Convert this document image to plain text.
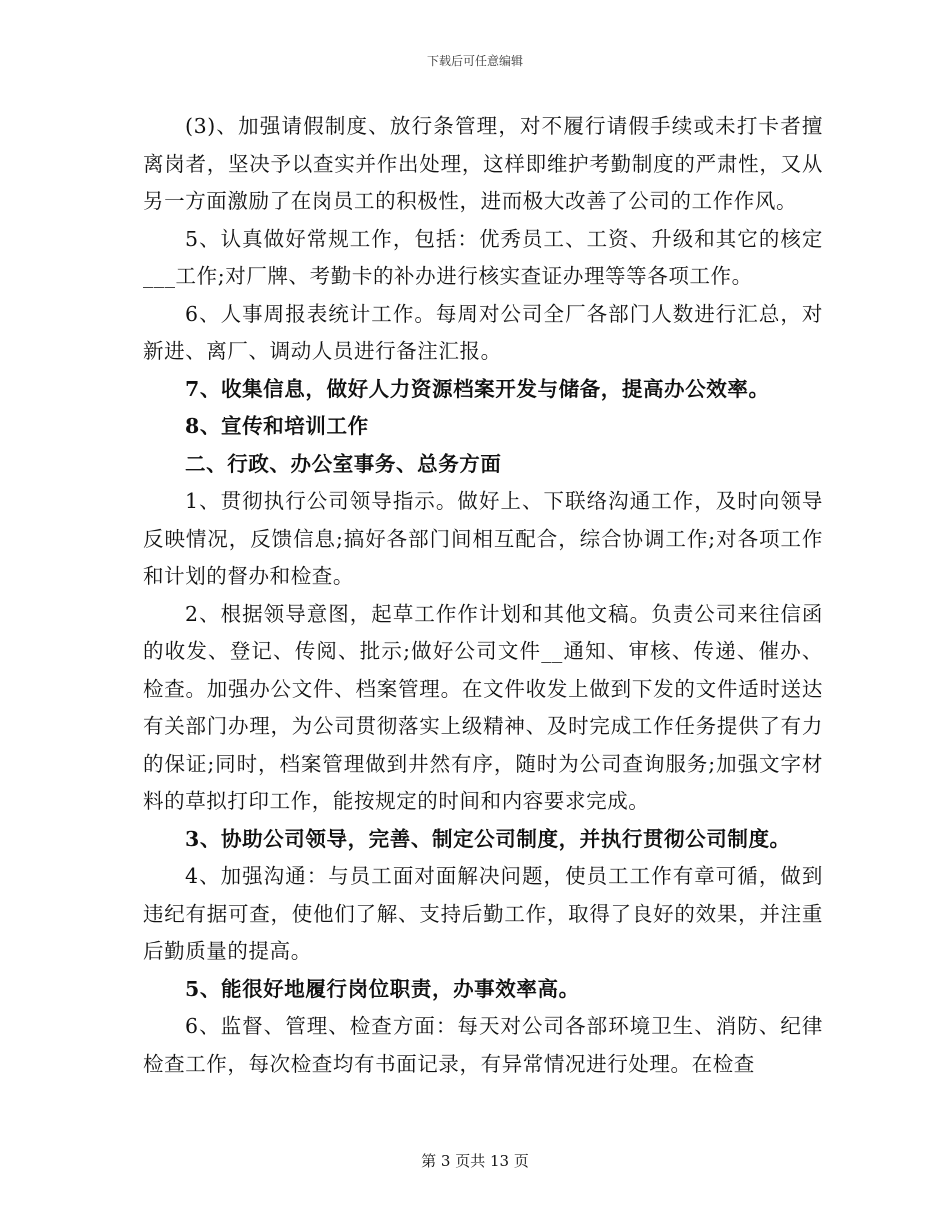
下载后可任意编辑

(3)、加强请假制度、放行条管理，对不履行请假手续或未打卡者擅离岗者，坚决予以查实并作出处理，这样即维护考勤制度的严肃性，又从另一方面激励了在岗员工的积极性，进而极大改善了公司的工作作风。

5、认真做好常规工作，包括：优秀员工、工资、升级和其它的核定___工作;对厂牌、考勤卡的补办进行核实查证办理等等各项工作。

6、人事周报表统计工作。每周对公司全厂各部门人数进行汇总，对新进、离厂、调动人员进行备注汇报。

7、收集信息，做好人力资源档案开发与储备，提高办公效率。

8、宣传和培训工作

二、行政、办公室事务、总务方面

1、贯彻执行公司领导指示。做好上、下联络沟通工作，及时向领导反映情况，反馈信息;搞好各部门间相互配合，综合协调工作;对各项工作和计划的督办和检查。

2、根据领导意图，起草工作作计划和其他文稿。负责公司来往信函的收发、登记、传阅、批示;做好公司文件__通知、审核、传递、催办、检查。加强办公文件、档案管理。在文件收发上做到下发的文件适时送达有关部门办理，为公司贯彻落实上级精神、及时完成工作任务提供了有力的保证;同时，档案管理做到井然有序，随时为公司查询服务;加强文字材料的草拟打印工作，能按规定的时间和内容要求完成。

3、协助公司领导，完善、制定公司制度，并执行贯彻公司制度。

4、加强沟通：与员工面对面解决问题，使员工工作有章可循，做到违纪有据可查，使他们了解、支持后勤工作，取得了良好的效果，并注重后勤质量的提高。

5、能很好地履行岗位职责，办事效率高。

6、监督、管理、检查方面：每天对公司各部环境卫生、消防、纪律检查工作，每次检查均有书面记录，有异常情况进行处理。在检查

第 3 页共 13 页
